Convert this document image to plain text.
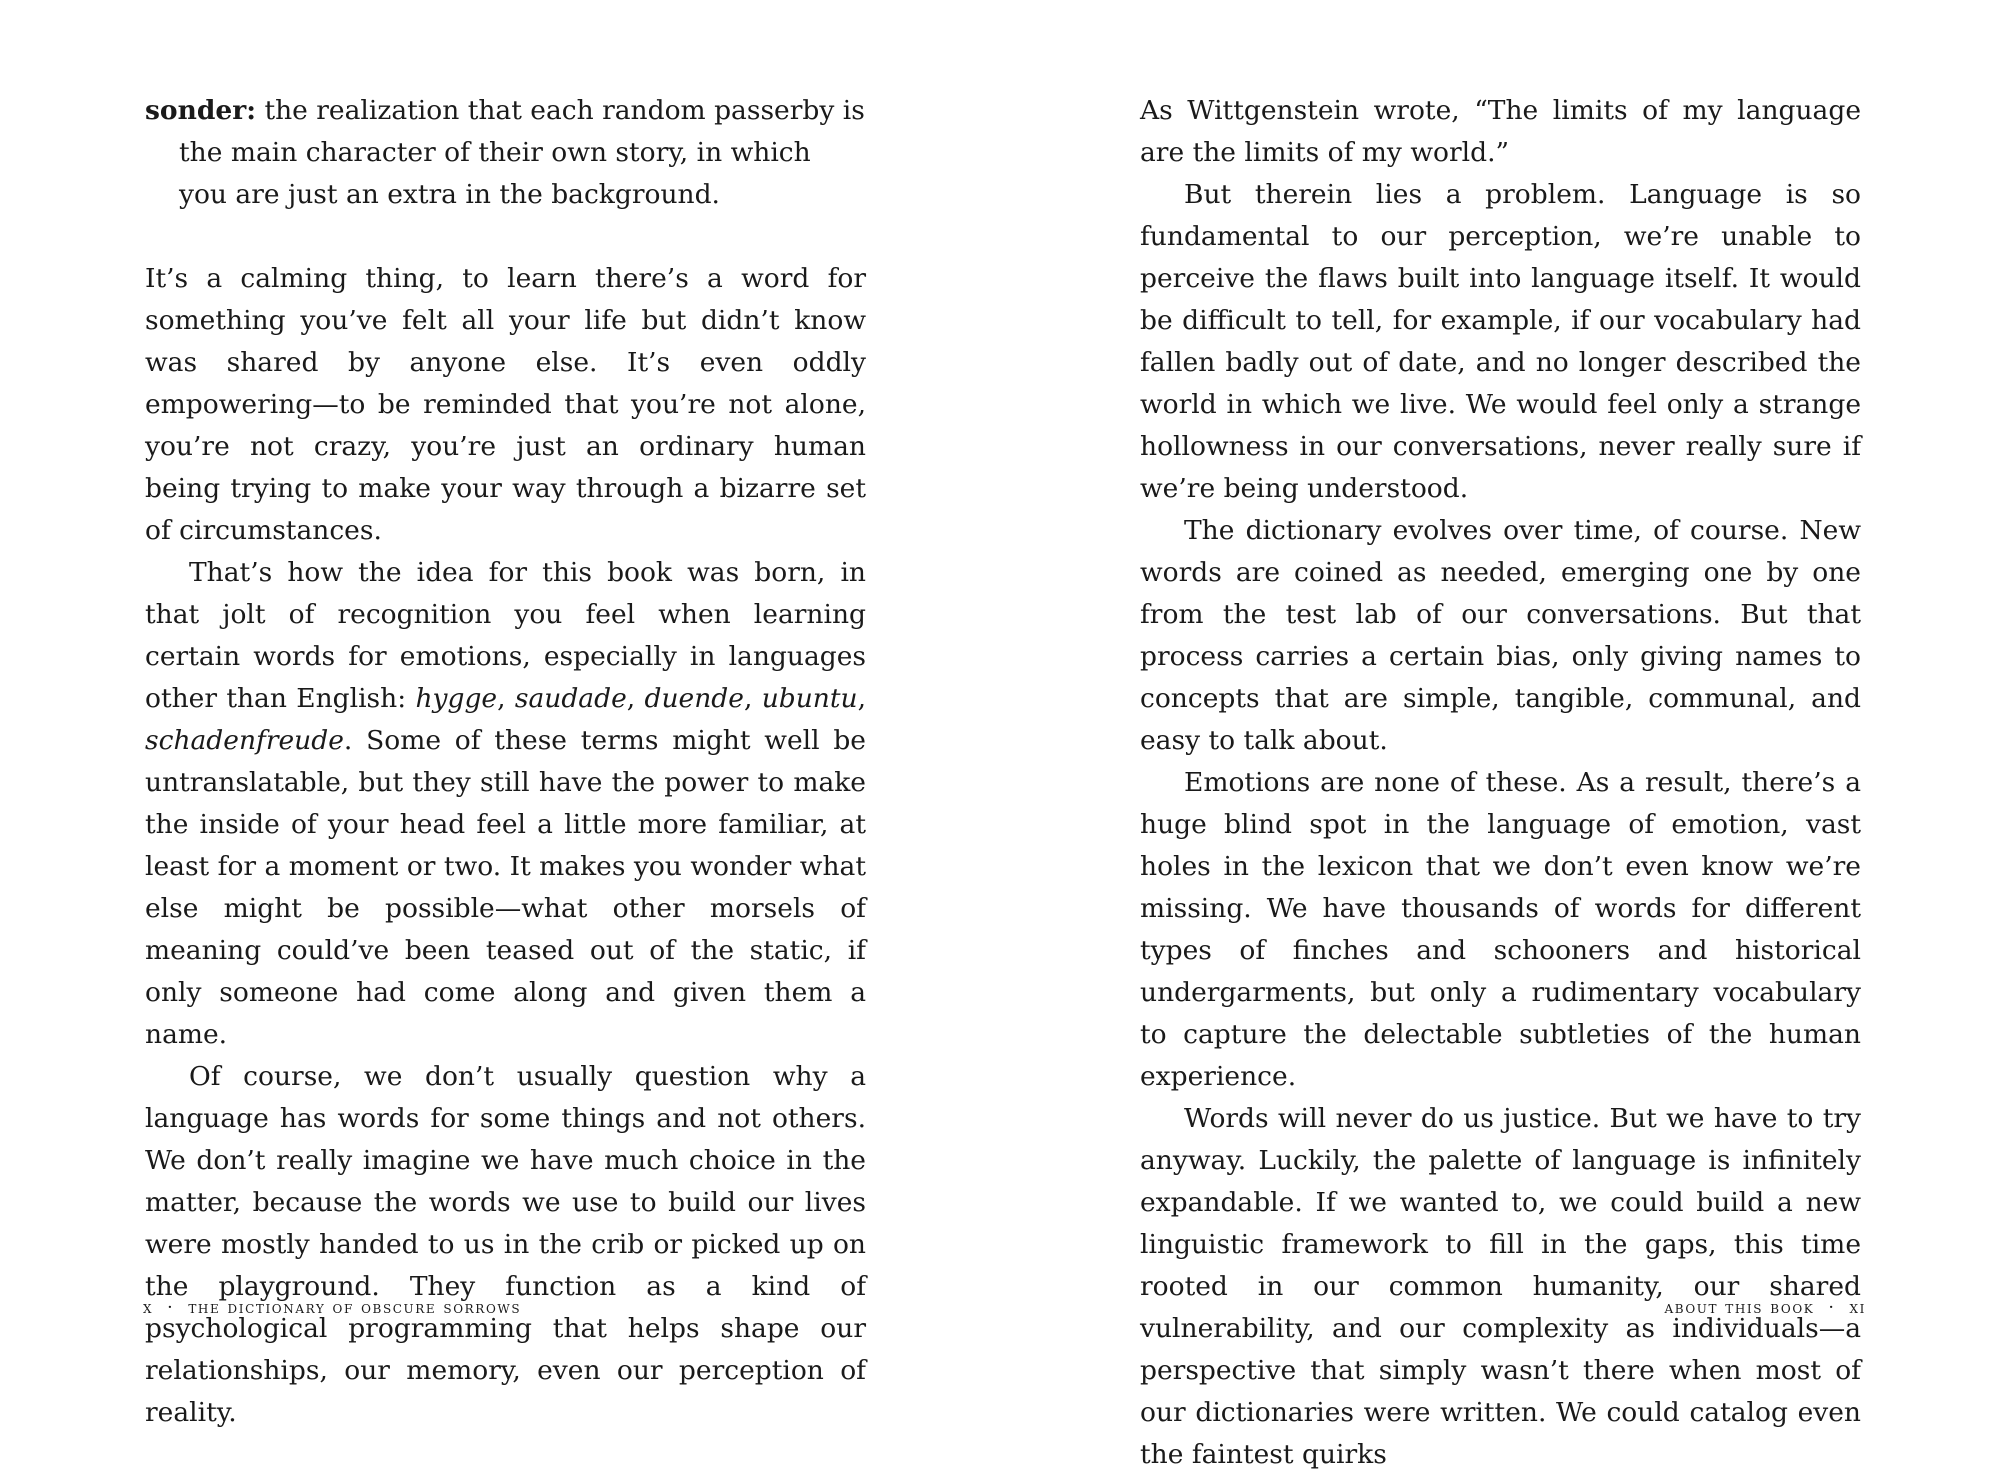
sonder: the realization that each random passerby is the main character of their own story, in which you are just an extra in the background.

It’s a calming thing, to learn there’s a word for something you’ve felt all your life but didn’t know was shared by anyone else. It’s even oddly empowering—to be reminded that you’re not alone, you’re not crazy, you’re just an ordinary human being trying to make your way through a bizarre set of circumstances.

That’s how the idea for this book was born, in that jolt of recognition you feel when learning certain words for emotions, especially in languages other than English: hygge, saudade, duende, ubuntu, schadenfreude. Some of these terms might well be untranslatable, but they still have the power to make the inside of your head feel a little more familiar, at least for a moment or two. It makes you wonder what else might be possible—what other morsels of meaning could’ve been teased out of the static, if only someone had come along and given them a name.

Of course, we don’t usually question why a language has words for some things and not others. We don’t really imagine we have much choice in the matter, because the words we use to build our lives were mostly handed to us in the crib or picked up on the playground. They function as a kind of psychological programming that helps shape our relationships, our memory, even our perception of reality.

x · the dictionary of obscure sorrows

As Wittgenstein wrote, “The limits of my language are the limits of my world.”

But therein lies a problem. Language is so fundamental to our perception, we’re unable to perceive the flaws built into language itself. It would be difficult to tell, for example, if our vocabulary had fallen badly out of date, and no longer described the world in which we live. We would feel only a strange hollowness in our conversations, never really sure if we’re being understood.

The dictionary evolves over time, of course. New words are coined as needed, emerging one by one from the test lab of our conversations. But that process carries a certain bias, only giving names to concepts that are simple, tangible, communal, and easy to talk about.

Emotions are none of these. As a result, there’s a huge blind spot in the language of emotion, vast holes in the lexicon that we don’t even know we’re missing. We have thousands of words for different types of finches and schooners and historical undergarments, but only a rudimentary vocabulary to capture the delectable subtleties of the human experience.

Words will never do us justice. But we have to try anyway. Luckily, the palette of language is infinitely expandable. If we wanted to, we could build a new linguistic framework to fill in the gaps, this time rooted in our common humanity, our shared vulnerability, and our complexity as individuals—a perspective that simply wasn’t there when most of our dictionaries were written. We could catalog even the faintest quirks

about this book · xi
